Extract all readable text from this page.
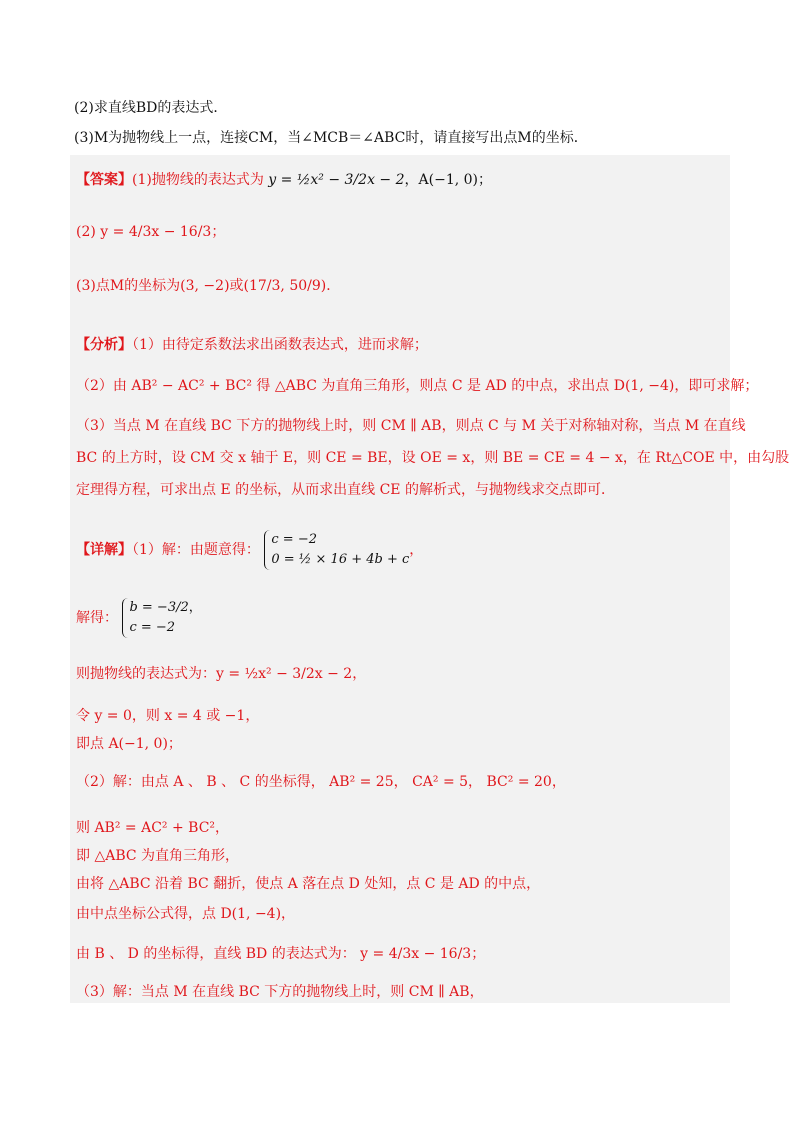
(2)求直线BD的表达式．
(3)M为抛物线上一点，连接CM，当∠MCB＝∠ABC时，请直接写出点M的坐标．
【答案】(1)抛物线的表达式为 y = ½x² − 3/2x − 2，A(−1, 0)；
(2) y = 4/3x − 16/3；
(3)点M的坐标为(3, −2)或(17/3, 50/9)．
【分析】（1）由待定系数法求出函数表达式，进而求解；
（2）由 AB² − AC² + BC² 得 △ABC 为直角三角形，则点 C 是 AD 的中点，求出点 D(1, −4)，即可求解；
（3）当点 M 在直线 BC 下方的抛物线上时，则 CM ∥ AB，则点 C 与 M 关于对称轴对称，当点 M 在直线
BC 的上方时，设 CM 交 x 轴于 E，则 CE = BE，设 OE = x，则 BE = CE = 4 − x，在 Rt△COE 中，由勾股
定理得方程，可求出点 E 的坐标，从而求出直线 CE 的解析式，与抛物线求交点即可．
【详解】（1）解：由题意得： c = −2
0 = ½ × 16 + 4b + c，
解得： b = −3/2，
c = −2
则抛物线的表达式为：y = ½x² − 3/2x − 2，
令 y = 0，则 x = 4 或 −1，
即点 A(−1, 0)；
（2）解：由点 A 、 B 、 C 的坐标得， AB² = 25， CA² = 5， BC² = 20，
则 AB² = AC² + BC²，
即 △ABC 为直角三角形，
由将 △ABC 沿着 BC 翻折，使点 A 落在点 D 处知，点 C 是 AD 的中点，
由中点坐标公式得，点 D(1, −4)，
由 B 、 D 的坐标得，直线 BD 的表达式为： y = 4/3x − 16/3；
（3）解：当点 M 在直线 BC 下方的抛物线上时，则 CM ∥ AB，
